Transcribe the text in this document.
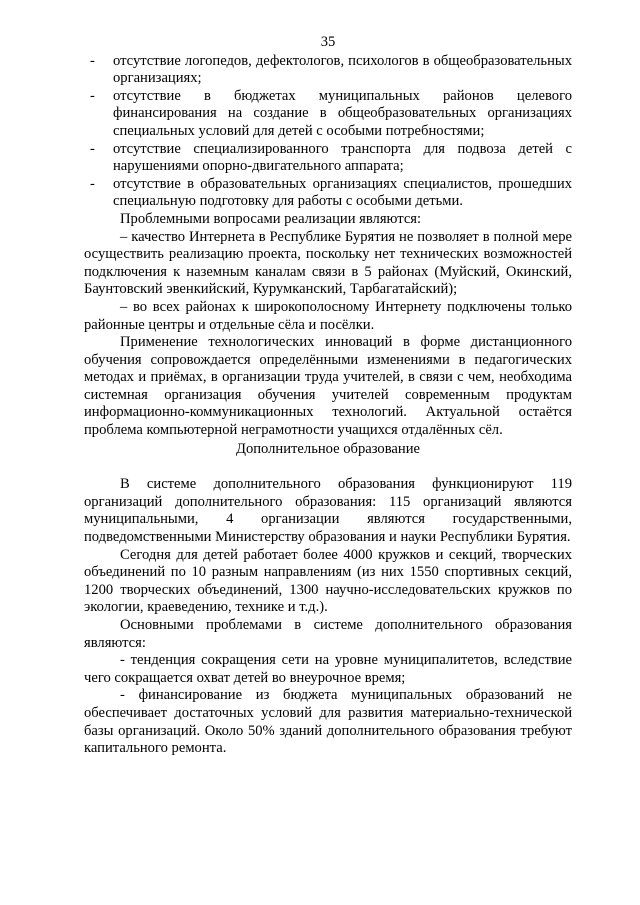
35
-	отсутствие логопедов, дефектологов, психологов в общеобразовательных организациях;
-	отсутствие в бюджетах муниципальных районов целевого финансирования на создание в общеобразовательных организациях специальных условий для детей с особыми потребностями;
-	отсутствие специализированного транспорта для подвоза детей с нарушениями опорно-двигательного аппарата;
-	отсутствие в образовательных организациях специалистов, прошедших специальную подготовку для работы с особыми детьми.

Проблемными вопросами реализации являются:

– качество Интернета в Республике Бурятия не позволяет в полной мере осуществить реализацию проекта, поскольку нет технических возможностей подключения к наземным каналам связи в 5 районах (Муйский, Окинский, Баунтовский эвенкийский, Курумканский, Тарбагатайский);

– во всех районах к широкополосному Интернету подключены только районные центры и отдельные сёла и посёлки.

Применение технологических инноваций в форме дистанционного обучения сопровождается определёнными изменениями в педагогических методах и приёмах, в организации труда учителей, в связи с чем, необходима системная организация обучения учителей современным продуктам информационно-коммуникационных технологий. Актуальной остаётся проблема компьютерной неграмотности учащихся отдалённых сёл.

Дополнительное образование

В системе дополнительного образования функционируют 119 организаций дополнительного образования: 115 организаций являются муниципальными, 4 организации являются государственными, подведомственными Министерству образования и науки Республики Бурятия.

Сегодня для детей работает более 4000 кружков и секций, творческих объединений по 10 разным направлениям (из них 1550 спортивных секций, 1200 творческих объединений, 1300 научно-исследовательских кружков по экологии, краеведению, технике и т.д.).

Основными проблемами в системе дополнительного образования являются:

- тенденция сокращения сети на уровне муниципалитетов, вследствие чего сокращается охват детей во внеурочное время;

- финансирование из бюджета муниципальных образований не обеспечивает достаточных условий для развития материально-технической базы организаций. Около 50% зданий дополнительного образования требуют капитального ремонта.
